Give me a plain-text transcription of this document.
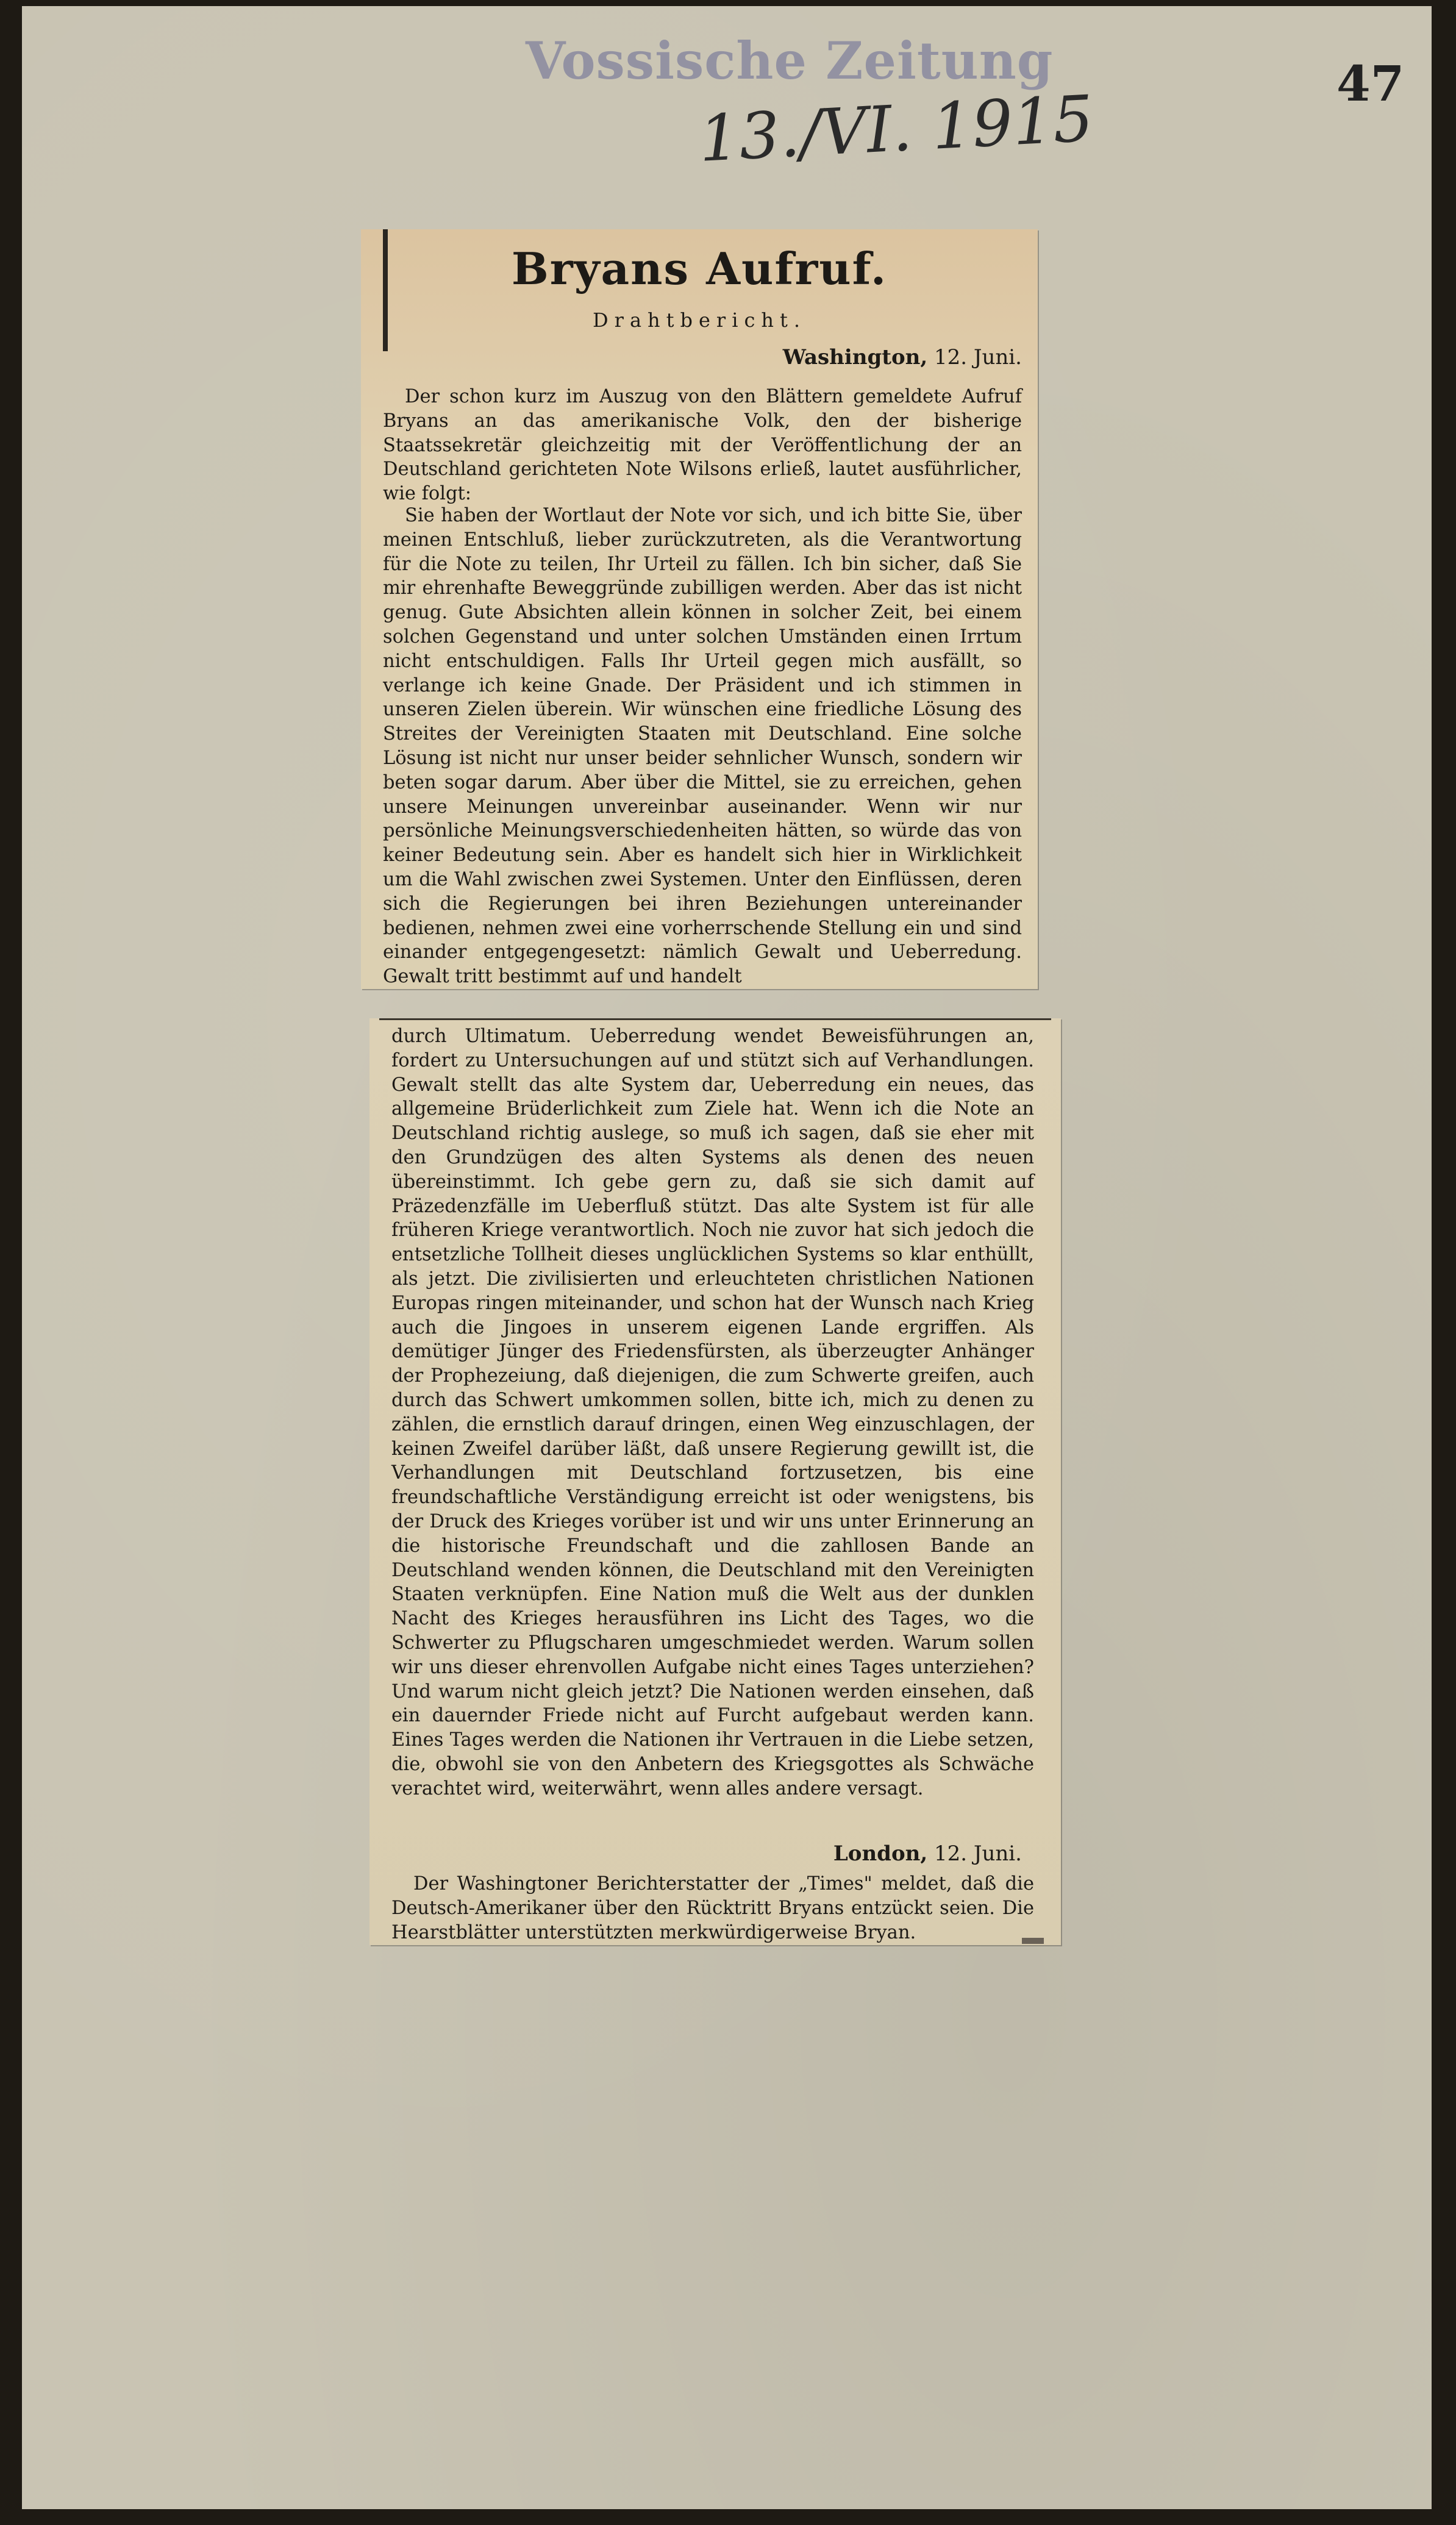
Vossische Zeitung
13./VI. 1915	47
Bryans Aufruf.
Drahtbericht.
Washington, 12. Juni.

Der schon kurz im Auszug von den Blättern gemeldete Aufruf Bryans an das amerikanische Volk, den der bisherige Staatssekretär gleichzeitig mit der Veröffentlichung der an Deutschland gerichteten Note Wilsons erließ, lautet ausführlicher, wie folgt:

Sie haben der Wortlaut der Note vor sich, und ich bitte Sie, über meinen Entschluß, lieber zurückzutreten, als die Verantwortung für die Note zu teilen, Ihr Urteil zu fällen. Ich bin sicher, daß Sie mir ehrenhafte Beweggründe zubilligen werden. Aber das ist nicht genug. Gute Absichten allein können in solcher Zeit, bei einem solchen Gegenstand und unter solchen Umständen einen Irrtum nicht entschuldigen. Falls Ihr Urteil gegen mich ausfällt, so verlange ich keine Gnade. Der Präsident und ich stimmen in unseren Zielen überein. Wir wünschen eine friedliche Lösung des Streites der Vereinigten Staaten mit Deutschland. Eine solche Lösung ist nicht nur unser beider sehnlicher Wunsch, sondern wir beten sogar darum. Aber über die Mittel, sie zu erreichen, gehen unsere Meinungen unvereinbar auseinander. Wenn wir nur persönliche Meinungsverschiedenheiten hätten, so würde das von keiner Bedeutung sein. Aber es handelt sich hier in Wirklichkeit um die Wahl zwischen zwei Systemen. Unter den Einflüssen, deren sich die Regierungen bei ihren Beziehungen untereinander bedienen, nehmen zwei eine vorherrschende Stellung ein und sind einander entgegengesetzt: nämlich Gewalt und Ueberredung. Gewalt tritt bestimmt auf und handelt

durch Ultimatum. Ueberredung wendet Beweisführungen an, fordert zu Untersuchungen auf und stützt sich auf Verhandlungen. Gewalt stellt das alte System dar, Ueberredung ein neues, das allgemeine Brüderlichkeit zum Ziele hat. Wenn ich die Note an Deutschland richtig auslege, so muß ich sagen, daß sie eher mit den Grundzügen des alten Systems als denen des neuen übereinstimmt. Ich gebe gern zu, daß sie sich damit auf Präzedenzfälle im Ueberfluß stützt. Das alte System ist für alle früheren Kriege verantwortlich. Noch nie zuvor hat sich jedoch die entsetzliche Tollheit dieses unglücklichen Systems so klar enthüllt, als jetzt. Die zivilisierten und erleuchteten christlichen Nationen Europas ringen miteinander, und schon hat der Wunsch nach Krieg auch die Jingoes in unserem eigenen Lande ergriffen. Als demütiger Jünger des Friedensfürsten, als überzeugter Anhänger der Prophezeiung, daß diejenigen, die zum Schwerte greifen, auch durch das Schwert umkommen sollen, bitte ich, mich zu denen zu zählen, die ernstlich darauf dringen, einen Weg einzuschlagen, der keinen Zweifel darüber läßt, daß unsere Regierung gewillt ist, die Verhandlungen mit Deutschland fortzusetzen, bis eine freundschaftliche Verständigung erreicht ist oder wenigstens, bis der Druck des Krieges vorüber ist und wir uns unter Erinnerung an die historische Freundschaft und die zahllosen Bande an Deutschland wenden können, die Deutschland mit den Vereinigten Staaten verknüpfen. Eine Nation muß die Welt aus der dunklen Nacht des Krieges herausführen ins Licht des Tages, wo die Schwerter zu Pflugscharen umgeschmiedet werden. Warum sollen wir uns dieser ehrenvollen Aufgabe nicht eines Tages unterziehen? Und warum nicht gleich jetzt? Die Nationen werden einsehen, daß ein dauernder Friede nicht auf Furcht aufgebaut werden kann. Eines Tages werden die Nationen ihr Vertrauen in die Liebe setzen, die, obwohl sie von den Anbetern des Kriegsgottes als Schwäche verachtet wird, weiterwährt, wenn alles andere versagt.

London, 12. Juni.

Der Washingtoner Berichterstatter der „Times" meldet, daß die Deutsch-Amerikaner über den Rücktritt Bryans entzückt seien. Die Hearstblätter unterstützten merkwürdigerweise Bryan.
